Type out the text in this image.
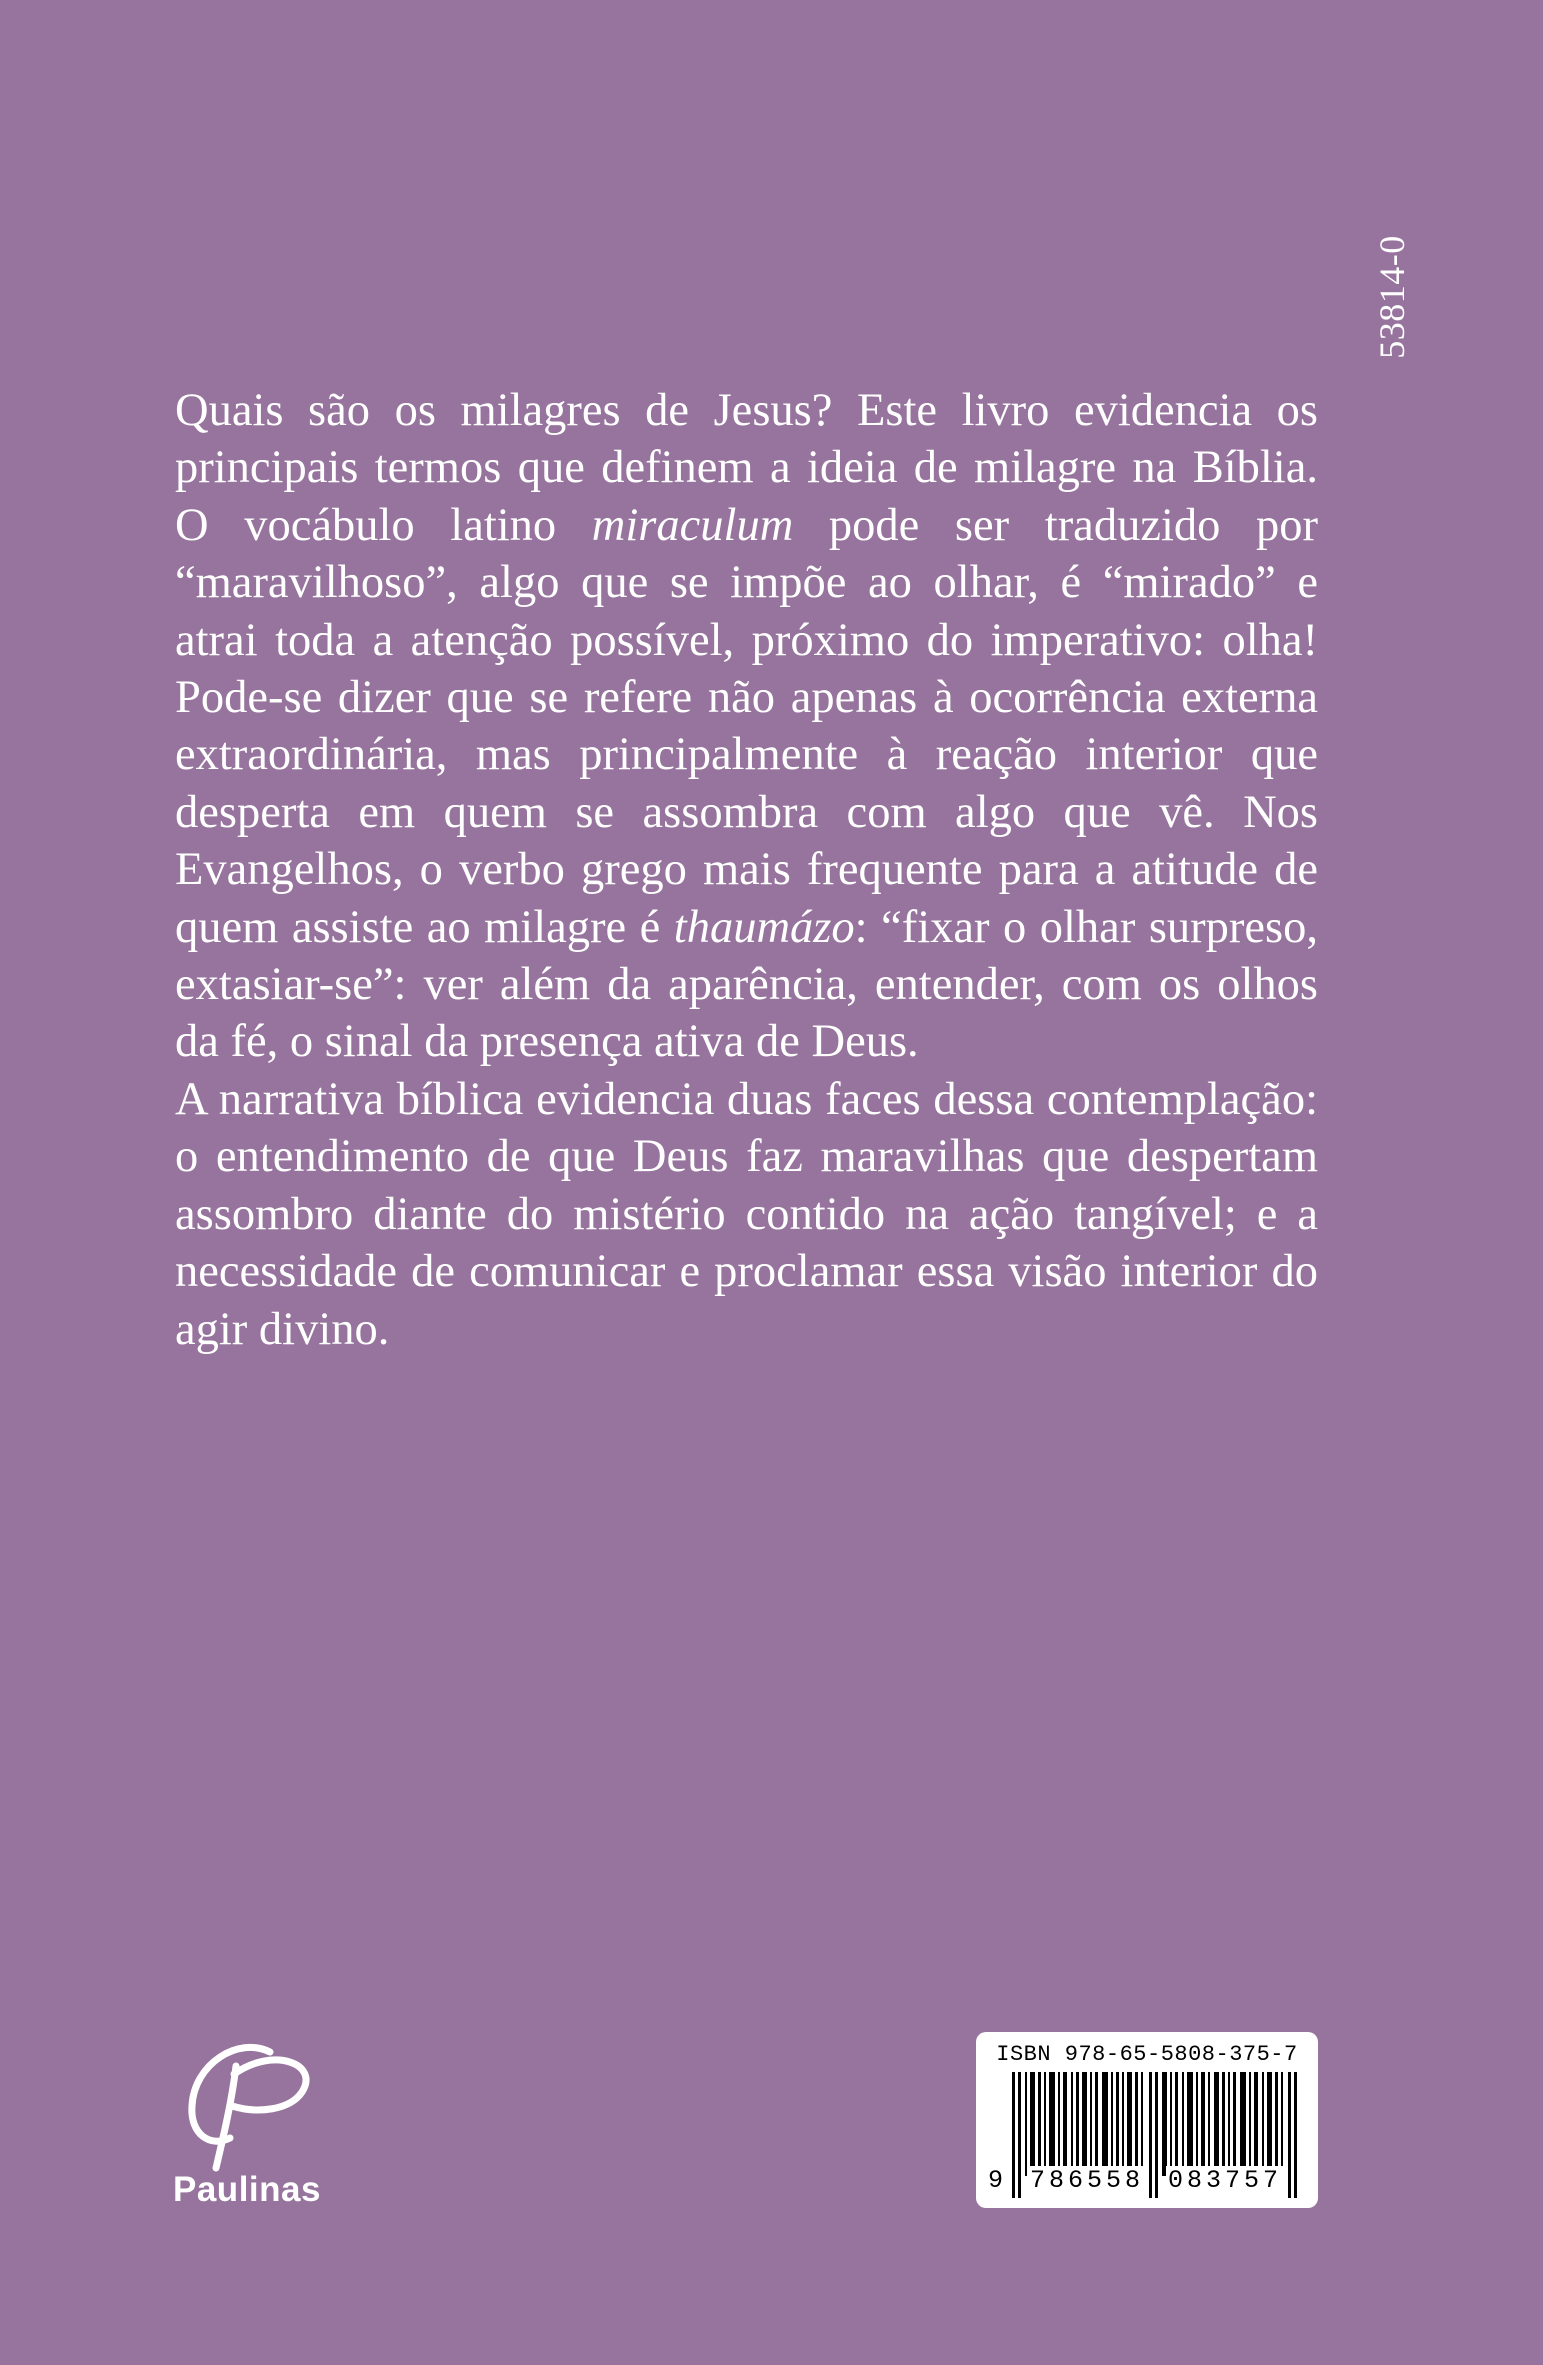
53814-0

Quais são os milagres de Jesus? Este livro evidencia os principais termos que definem a ideia de milagre na Bíblia. O vocábulo latino miraculum pode ser traduzido por “maravilhoso”, algo que se impõe ao olhar, é “mirado” e atrai toda a atenção possível, próximo do imperativo: olha! Pode-se dizer que se refere não apenas à ocorrência externa extraordinária, mas principalmente à reação interior que desperta em quem se assombra com algo que vê. Nos Evangelhos, o verbo grego mais frequente para a atitude de quem assiste ao milagre é thaumázo: “fixar o olhar surpreso, extasiar-se”: ver além da aparência, entender, com os olhos da fé, o sinal da presença ativa de Deus.

A narrativa bíblica evidencia duas faces dessa contemplação: o entendimento de que Deus faz maravilhas que despertam assombro diante do mistério contido na ação tangível; e a necessidade de comunicar e proclamar essa visão interior do agir divino.

Paulinas
ISBN 978-65-5808-375-7
9 786558 083757
